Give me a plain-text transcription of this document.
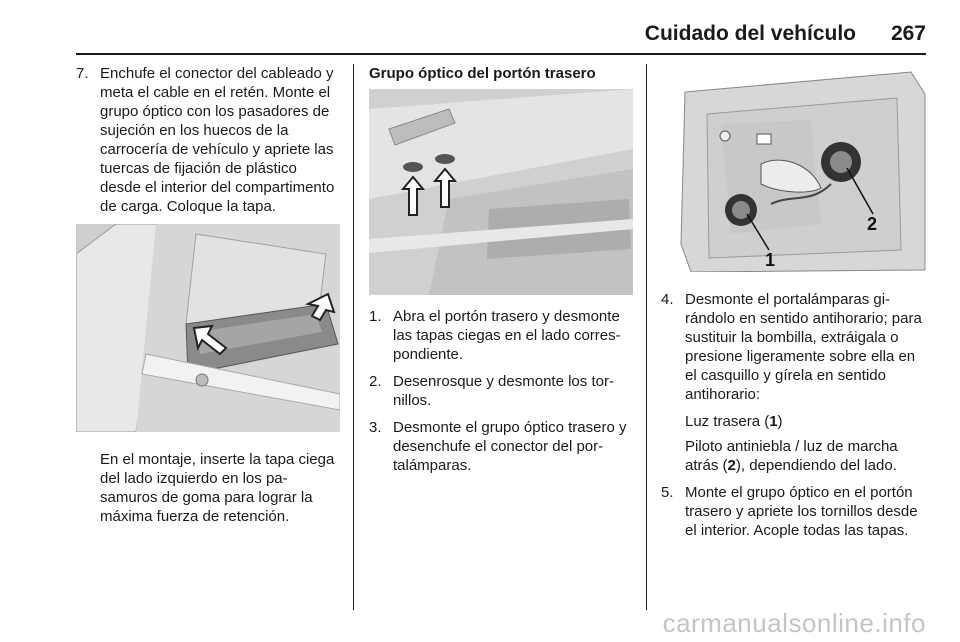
Cuidado del vehículo 267
7. Enchufe el conector del cableado y meta el cable en el retén. Monte el grupo óptico con los pasadores de sujeción en los huecos de la carrocería de vehículo y apriete las tuercas de fijación de plástico desde el interior del compartimento de carga. Coloque la tapa.
En el montaje, inserte la tapa ciega del lado izquierdo en los pasamuros de goma para lograr la máxima fuerza de retención.
Grupo óptico del portón trasero
1. Abra el portón trasero y desmonte las tapas ciegas en el lado correspondiente.
2. Desenrosque y desmonte los tornillos.
3. Desmonte el grupo óptico trasero y desenchufe el conector del portalámparas.
1
2
4. Desmonte el portalámparas girándolo en sentido antihorario; para sustituir la bombilla, extráigala o presione ligeramente sobre ella en el casquillo y gírela en sentido antihorario:
Luz trasera (1)
Piloto antiniebla / luz de marcha atrás (2), dependiendo del lado.
5. Monte el grupo óptico en el portón trasero y apriete los tornillos desde el interior. Acople todas las tapas.
carmanualsonline.info
